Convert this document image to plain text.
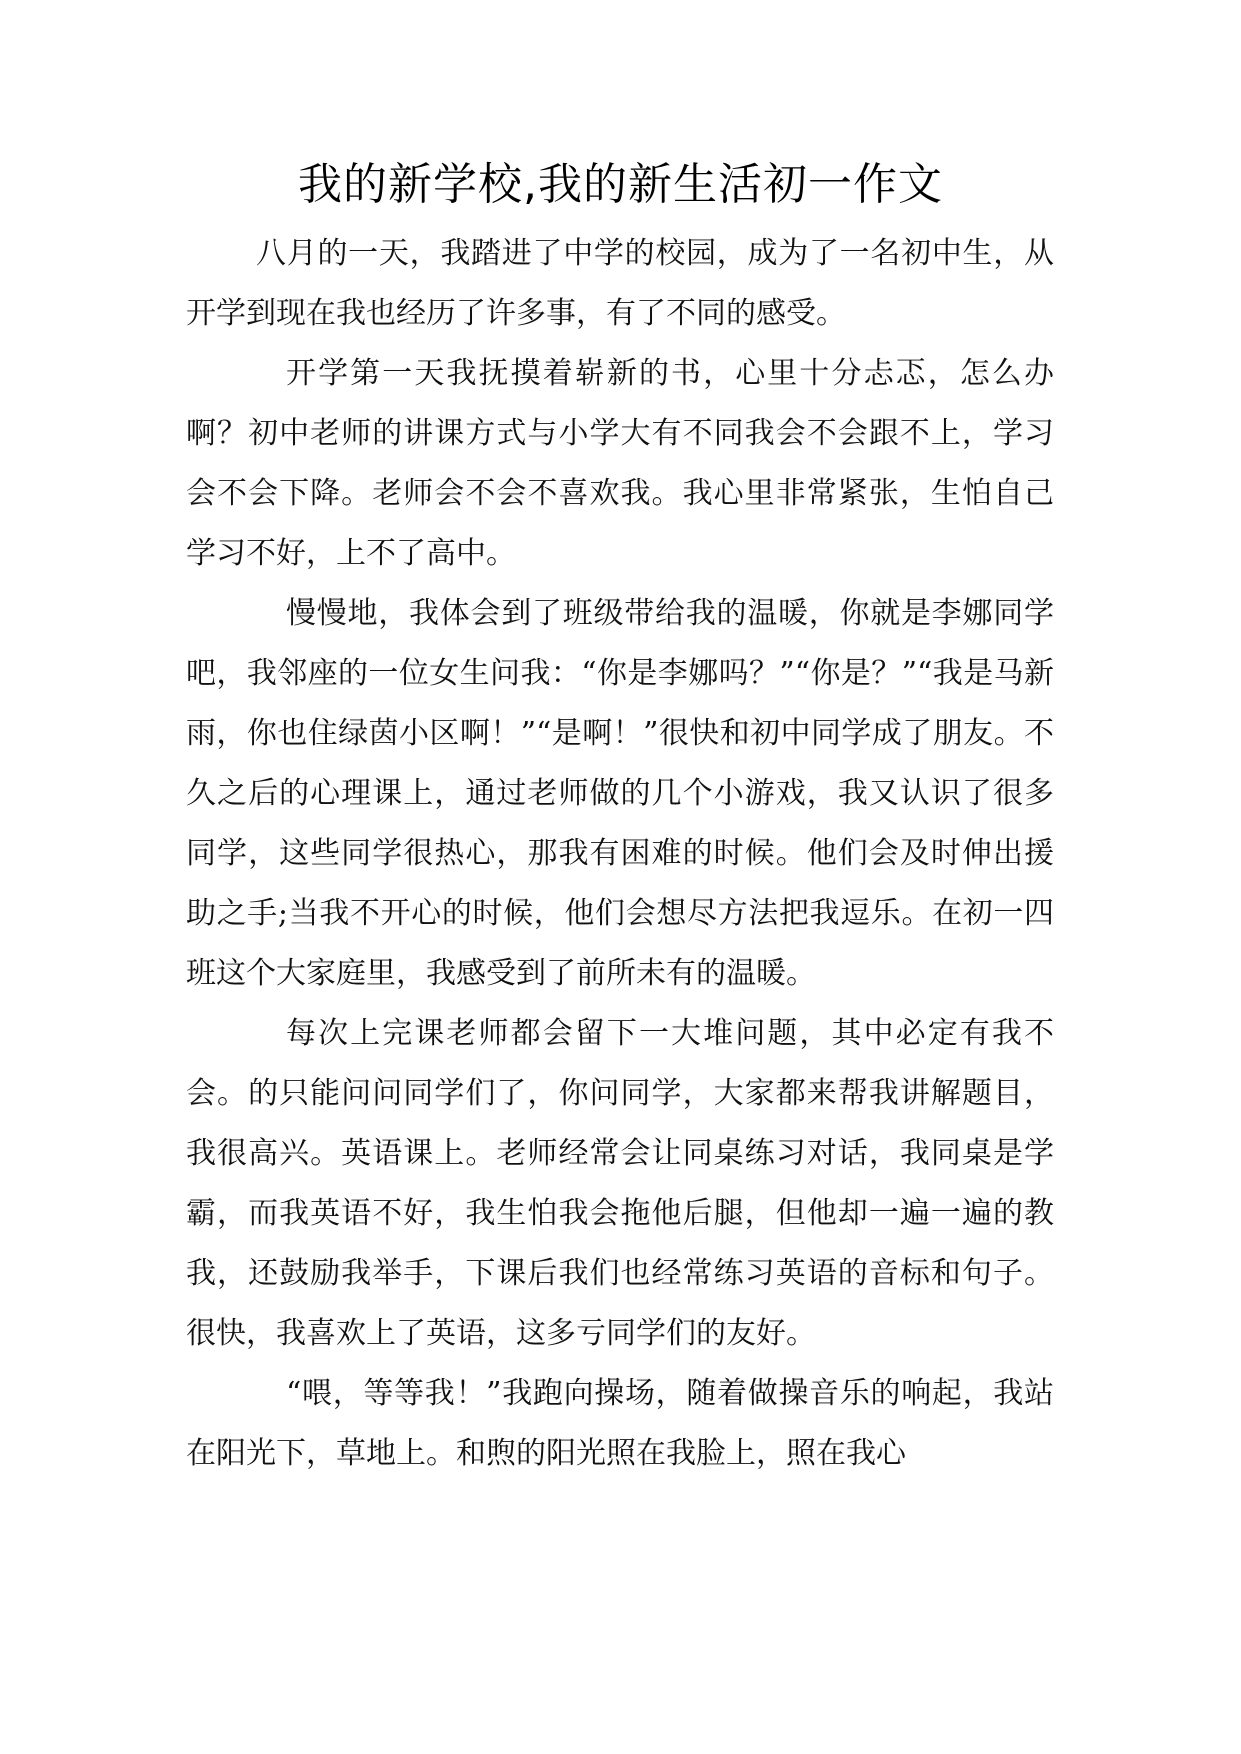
我的新学校,我的新生活初一作文

八月的一天，我踏进了中学的校园，成为了一名初中生，从开学到现在我也经历了许多事，有了不同的感受。

开学第一天我抚摸着崭新的书，心里十分忐忑，怎么办啊？初中老师的讲课方式与小学大有不同我会不会跟不上，学习会不会下降。老师会不会不喜欢我。我心里非常紧张，生怕自己学习不好，上不了高中。

慢慢地，我体会到了班级带给我的温暖，你就是李娜同学吧，我邻座的一位女生问我：“你是李娜吗？”“你是？”“我是马新雨，你也住绿茵小区啊！”“是啊！”很快和初中同学成了朋友。不久之后的心理课上，通过老师做的几个小游戏，我又认识了很多同学，这些同学很热心，那我有困难的时候。他们会及时伸出援助之手;当我不开心的时候，他们会想尽方法把我逗乐。在初一四班这个大家庭里，我感受到了前所未有的温暖。

每次上完课老师都会留下一大堆问题，其中必定有我不会。的只能问问同学们了，你问同学，大家都来帮我讲解题目，我很高兴。英语课上。老师经常会让同桌练习对话，我同桌是学霸，而我英语不好，我生怕我会拖他后腿，但他却一遍一遍的教我，还鼓励我举手，下课后我们也经常练习英语的音标和句子。很快，我喜欢上了英语，这多亏同学们的友好。

“喂，等等我！”我跑向操场，随着做操音乐的响起，我站在阳光下，草地上。和煦的阳光照在我脸上，照在我心
